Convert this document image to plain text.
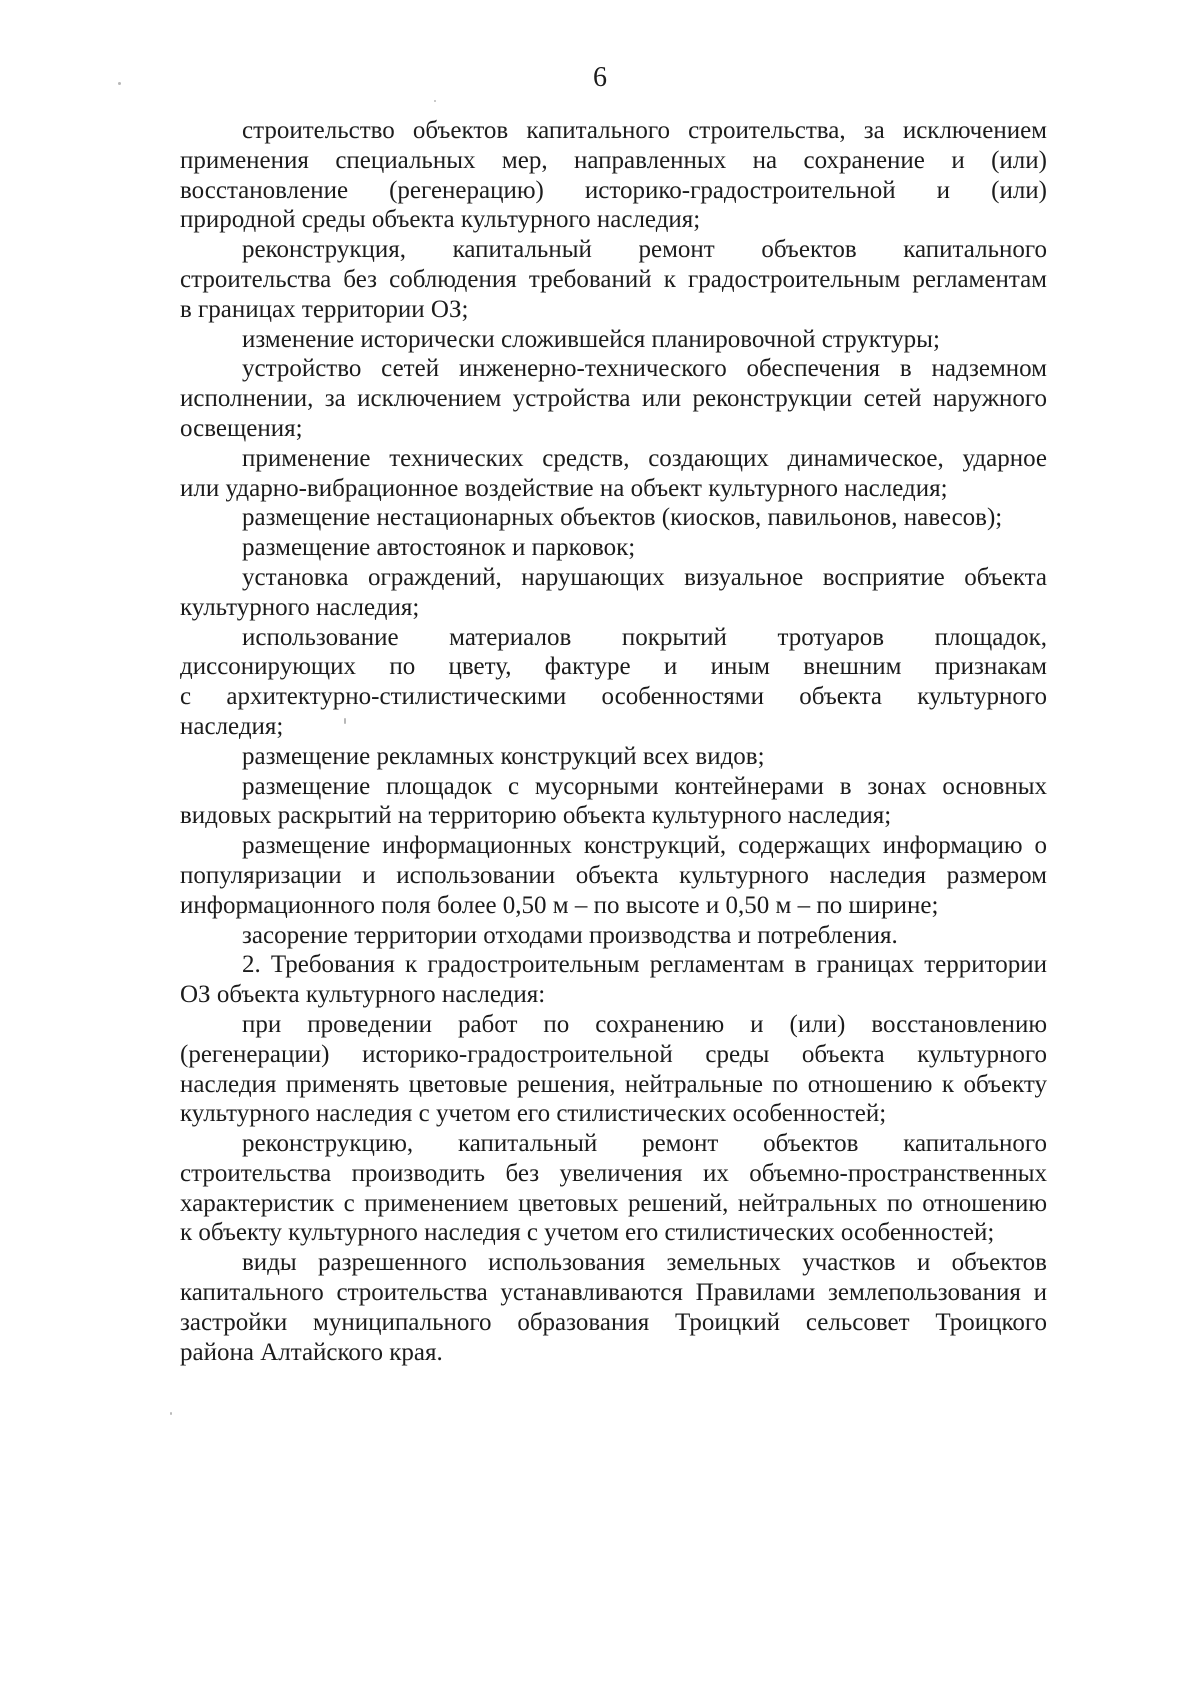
6
строительство объектов капитального строительства, за исключением
применения специальных мер, направленных на сохранение и (или)
восстановление (регенерацию) историко-градостроительной и (или)
природной среды объекта культурного наследия;
реконструкция, капитальный ремонт объектов капитального
строительства без соблюдения требований к градостроительным регламентам
в границах территории ОЗ;
изменение исторически сложившейся планировочной структуры;
устройство сетей инженерно-технического обеспечения в надземном
исполнении, за исключением устройства или реконструкции сетей наружного
освещения;
применение технических средств, создающих динамическое, ударное
или ударно-вибрационное воздействие на объект культурного наследия;
размещение нестационарных объектов (киосков, павильонов, навесов);
размещение автостоянок и парковок;
установка ограждений, нарушающих визуальное восприятие объекта
культурного наследия;
использование материалов покрытий тротуаров площадок,
диссонирующих по цвету, фактуре и иным внешним признакам
с архитектурно-стилистическими особенностями объекта культурного
наследия;
размещение рекламных конструкций всех видов;
размещение площадок с мусорными контейнерами в зонах основных
видовых раскрытий на территорию объекта культурного наследия;
размещение информационных конструкций, содержащих информацию о
популяризации и использовании объекта культурного наследия размером
информационного поля более 0,50 м – по высоте и 0,50 м – по ширине;
засорение территории отходами производства и потребления.
2. Требования к градостроительным регламентам в границах территории
ОЗ объекта культурного наследия:
при проведении работ по сохранению и (или) восстановлению
(регенерации) историко-градостроительной среды объекта культурного
наследия применять цветовые решения, нейтральные по отношению к объекту
культурного наследия с учетом его стилистических особенностей;
реконструкцию, капитальный ремонт объектов капитального
строительства производить без увеличения их объемно-пространственных
характеристик с применением цветовых решений, нейтральных по отношению
к объекту культурного наследия с учетом его стилистических особенностей;
виды разрешенного использования земельных участков и объектов
капитального строительства устанавливаются Правилами землепользования и
застройки муниципального образования Троицкий сельсовет Троицкого
района Алтайского края.
